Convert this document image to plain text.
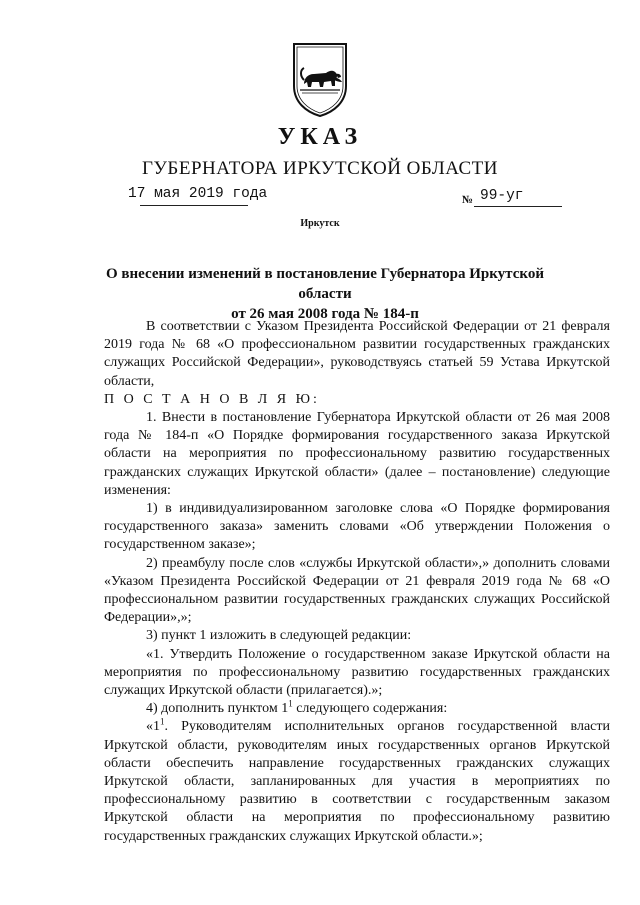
УКАЗ
ГУБЕРНАТОРА ИРКУТСКОЙ ОБЛАСТИ
17 мая 2019 года	№ 99-уг
Иркутск
О внесении изменений в постановление Губернатора Иркутской области
от 26 мая 2008 года № 184-п

В соответствии с Указом Президента Российской Федерации от 21 февраля 2019 года № 68 «О профессиональном развитии государственных гражданских служащих Российской Федерации», руководствуясь статьей 59 Устава Иркутской области,

П О С Т А Н О В Л Я Ю:

1. Внести в постановление Губернатора Иркутской области от 26 мая 2008 года № 184-п «О Порядке формирования государственного заказа Иркутской области на мероприятия по профессиональному развитию государственных гражданских служащих Иркутской области» (далее – постановление) следующие изменения:

1) в индивидуализированном заголовке слова «О Порядке формирования государственного заказа» заменить словами «Об утверждении Положения о государственном заказе»;

2) преамбулу после слов «службы Иркутской области»,» дополнить словами «Указом Президента Российской Федерации от 21 февраля 2019 года № 68 «О профессиональном развитии государственных гражданских служащих Российской Федерации»,»;

3) пункт 1 изложить в следующей редакции:

«1. Утвердить Положение о государственном заказе Иркутской области на мероприятия по профессиональному развитию государственных гражданских служащих Иркутской области (прилагается).»;

4) дополнить пунктом $1^1$ следующего содержания:

«$1^1$. Руководителям исполнительных органов государственной власти Иркутской области, руководителям иных государственных органов Иркутской области обеспечить направление государственных гражданских служащих Иркутской области, запланированных для участия в мероприятиях по профессиональному развитию в соответствии с государственным заказом Иркутской области на мероприятия по профессиональному развитию государственных гражданских служащих Иркутской области.»;
